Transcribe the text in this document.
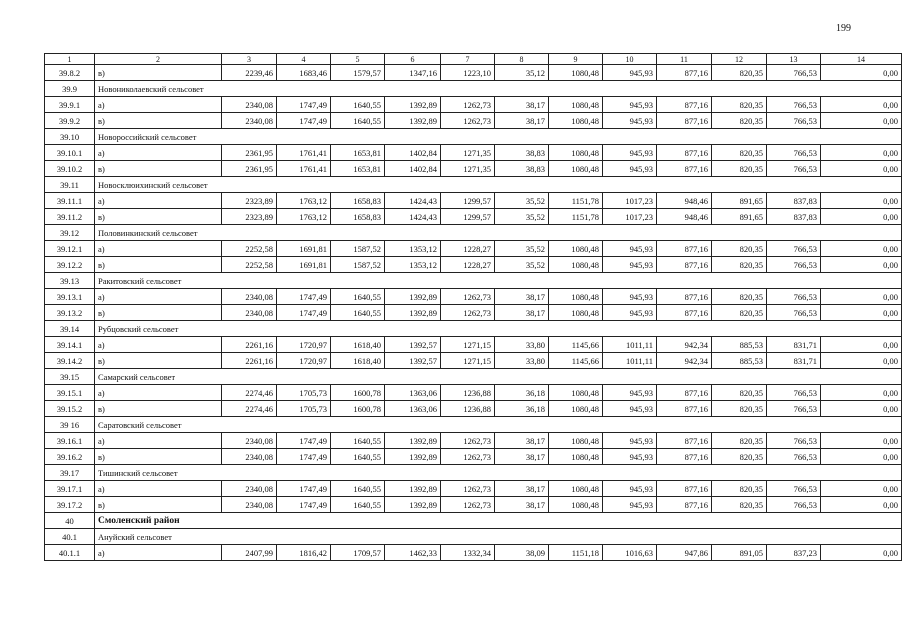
199
1	2	3	4	5	6	7	8	9	10	11	12	13	14
39.8.2	в)	2239,46	1683,46	1579,57	1347,16	1223,10	35,12	1080,48	945,93	877,16	820,35	766,53	0,00
39.9	Новониколаевский сельсовет												
39.9.1	а)	2340,08	1747,49	1640,55	1392,89	1262,73	38,17	1080,48	945,93	877,16	820,35	766,53	0,00
39.9.2	в)	2340,08	1747,49	1640,55	1392,89	1262,73	38,17	1080,48	945,93	877,16	820,35	766,53	0,00
39.10	Новороссийский сельсовет												
39.10.1	а)	2361,95	1761,41	1653,81	1402,84	1271,35	38,83	1080,48	945,93	877,16	820,35	766,53	0,00
39.10.2	в)	2361,95	1761,41	1653,81	1402,84	1271,35	38,83	1080,48	945,93	877,16	820,35	766,53	0,00
39.11	Новосклюихинский сельсовет												
39.11.1	а)	2323,89	1763,12	1658,83	1424,43	1299,57	35,52	1151,78	1017,23	948,46	891,65	837,83	0,00
39.11.2	в)	2323,89	1763,12	1658,83	1424,43	1299,57	35,52	1151,78	1017,23	948,46	891,65	837,83	0,00
39.12	Половинкинский сельсовет												
39.12.1	а)	2252,58	1691,81	1587,52	1353,12	1228,27	35,52	1080,48	945,93	877,16	820,35	766,53	0,00
39.12.2	в)	2252,58	1691,81	1587,52	1353,12	1228,27	35,52	1080,48	945,93	877,16	820,35	766,53	0,00
39.13	Ракитовский сельсовет												
39.13.1	а)	2340,08	1747,49	1640,55	1392,89	1262,73	38,17	1080,48	945,93	877,16	820,35	766,53	0,00
39.13.2	в)	2340,08	1747,49	1640,55	1392,89	1262,73	38,17	1080,48	945,93	877,16	820,35	766,53	0,00
39.14	Рубцовский сельсовет												
39.14.1	а)	2261,16	1720,97	1618,40	1392,57	1271,15	33,80	1145,66	1011,11	942,34	885,53	831,71	0,00
39.14.2	в)	2261,16	1720,97	1618,40	1392,57	1271,15	33,80	1145,66	1011,11	942,34	885,53	831,71	0,00
39.15	Самарский сельсовет												
39.15.1	а)	2274,46	1705,73	1600,78	1363,06	1236,88	36,18	1080,48	945,93	877,16	820,35	766,53	0,00
39.15.2	в)	2274,46	1705,73	1600,78	1363,06	1236,88	36,18	1080,48	945,93	877,16	820,35	766,53	0,00
39 16	Саратовский сельсовет												
39.16.1	а)	2340,08	1747,49	1640,55	1392,89	1262,73	38,17	1080,48	945,93	877,16	820,35	766,53	0,00
39.16.2	в)	2340,08	1747,49	1640,55	1392,89	1262,73	38,17	1080,48	945,93	877,16	820,35	766,53	0,00
39.17	Тишинский сельсовет												
39.17.1	а)	2340,08	1747,49	1640,55	1392,89	1262,73	38,17	1080,48	945,93	877,16	820,35	766,53	0,00
39.17.2	в)	2340,08	1747,49	1640,55	1392,89	1262,73	38,17	1080,48	945,93	877,16	820,35	766,53	0,00
40	Смоленский район												
40.1	Ануйский сельсовет												
40.1.1	а)	2407,99	1816,42	1709,57	1462,33	1332,34	38,09	1151,18	1016,63	947,86	891,05	837,23	0,00
